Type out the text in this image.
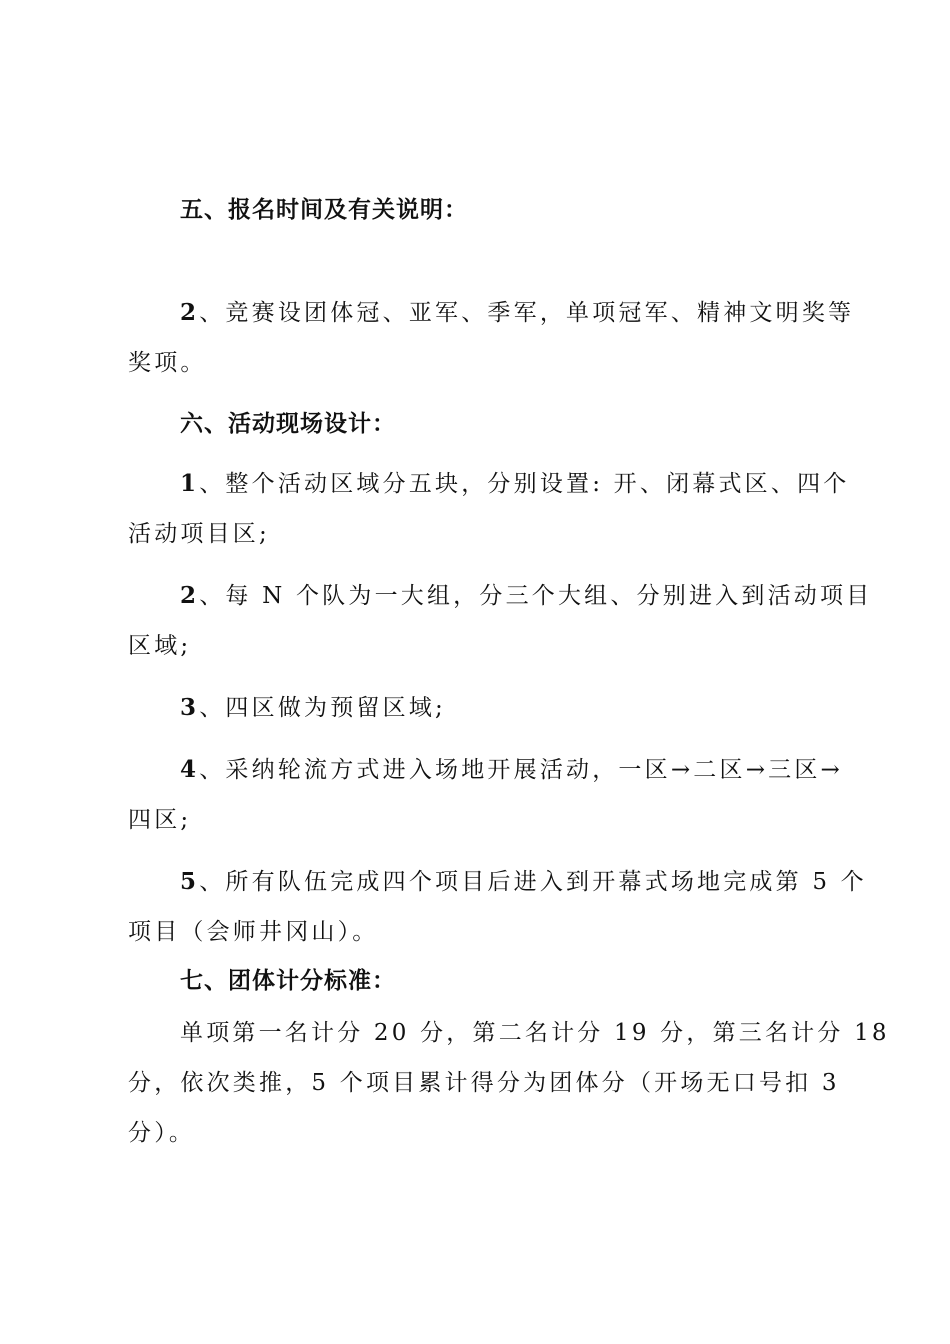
五、报名时间及有关说明：
2、竞赛设团体冠、亚军、季军，单项冠军、精神文明奖等
奖项。
六、活动现场设计：
1、整个活动区域分五块，分别设置: 开、闭幕式区、四个
活动项目区;
2、每 N 个队为一大组，分三个大组、分别进入到活动项目
区域;
3、四区做为预留区域;
4、采纳轮流方式进入场地开展活动，一区→二区→三区→
四区;
5、所有队伍完成四个项目后进入到开幕式场地完成第 5 个
项目（会师井冈山）。
七、团体计分标准：
单项第一名计分 20 分，第二名计分 19 分，第三名计分 18
分，依次类推，5 个项目累计得分为团体分（开场无口号扣 3
分）。
